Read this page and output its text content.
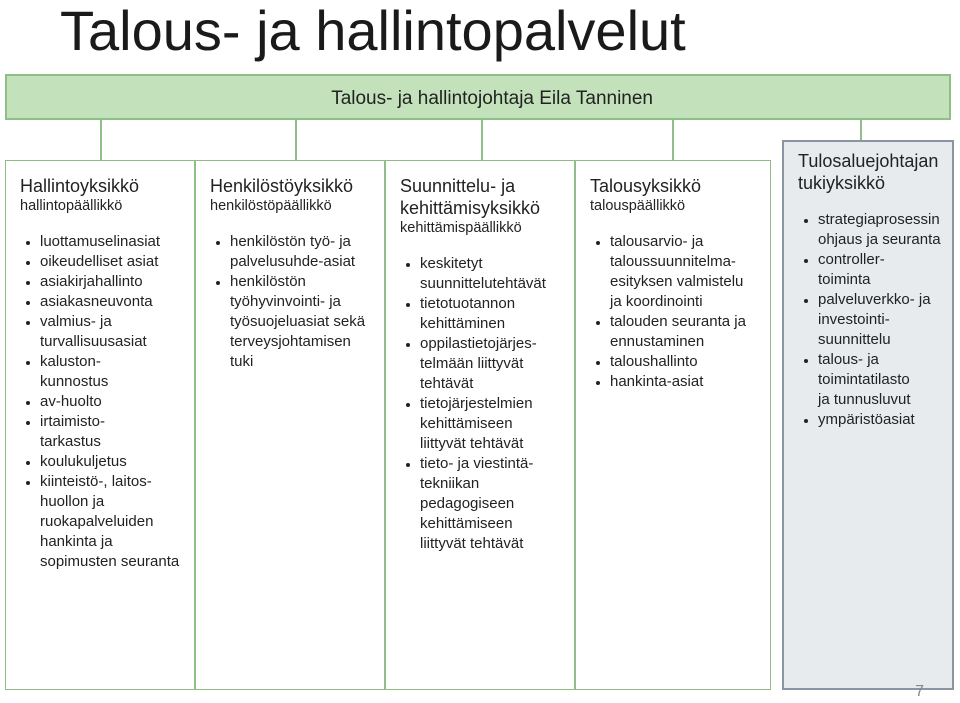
Talous- ja hallintopalvelut
Talous- ja hallintojohtaja Eila Tanninen
Hallintoyksikkö
hallintopäällikkö
• luottamuselinasiat
• oikeudelliset asiat
• asiakirjahallinto
• asiakasneuvonta
• valmius- ja
turvallisuusasiat
• kaluston-
kunnostus
• av-huolto
• irtaimisto-
tarkastus
• koulukuljetus
• kiinteistö-, laitos-
huollon ja
ruokapalveluiden
hankinta ja
sopimusten seuranta
Henkilöstöyksikkö
henkilöstöpäällikkö
• henkilöstön työ- ja
palvelusuhde-asiat
• henkilöstön
työhyvinvointi- ja
työsuojeluasiat sekä
terveysjohtamisen
tuki
Suunnittelu- ja
kehittämisyksikkö
kehittämispäällikkö
• keskitetyt
suunnittelutehtävät
• tietotuotannon
kehittäminen
• oppilastietojärjes-
telmään liittyvät
tehtävät
• tietojärjestelmien
kehittämiseen
liittyvät tehtävät
• tieto- ja viestintä-
tekniikan
pedagogiseen
kehittämiseen
liittyvät tehtävät
Talousyksikkö
talouspäällikkö
• talousarvio- ja
taloussuunnitelma-
esityksen valmistelu
ja koordinointi
• talouden seuranta ja
ennustaminen
• taloushallinto
• hankinta-asiat
Tulosaluejohtajan
tukiyksikkö
• strategiaprosessin
ohjaus ja seuranta
• controller-
toiminta
• palveluverkko- ja
investointi-
suunnittelu
• talous- ja
toimintatilasto
ja tunnusluvut
• ympäristöasiat
7
